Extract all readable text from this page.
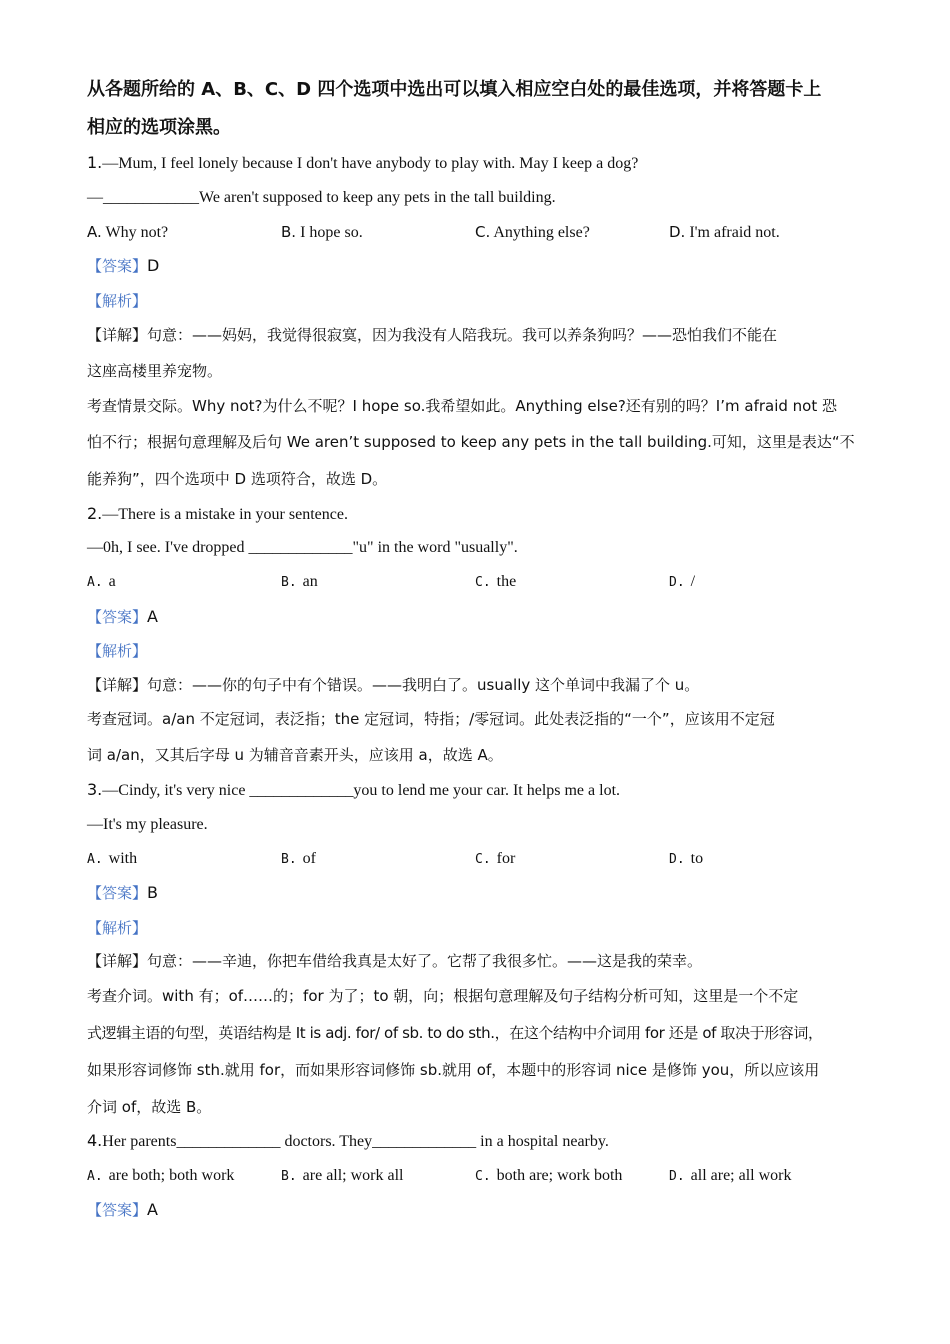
从各题所给的 A、B、C、D 四个选项中选出可以填入相应空白处的最佳选项，并将答题卡上
相应的选项涂黑。
1.—Mum, I feel lonely because I don't have anybody to play with. May I keep a dog?
—____________We aren't supposed to keep any pets in the tall building.
A. Why not?	B. I hope so.	C. Anything else?	D. I'm afraid not.
【答案】D
【解析】
【详解】句意：——妈妈，我觉得很寂寞，因为我没有人陪我玩。我可以养条狗吗？——恐怕我们不能在
这座高楼里养宠物。
考查情景交际。Why not?为什么不呢？I hope so.我希望如此。Anything else?还有别的吗？I’m afraid not 恐
怕不行；根据句意理解及后句 We aren’t supposed to keep any pets in the tall building.可知，这里是表达“不
能养狗”，四个选项中 D 选项符合，故选 D。
2.—There is a mistake in your sentence.
—0h, I see. I've dropped _____________"u" in the word "usually".
A. a	B. an	C. the	D. /
【答案】A
【解析】
【详解】句意：——你的句子中有个错误。——我明白了。usually 这个单词中我漏了个 u。
考查冠词。a/an 不定冠词，表泛指；the 定冠词，特指；/零冠词。此处表泛指的“一个”，应该用不定冠
词 a/an，又其后字母 u 为辅音音素开头，应该用 a，故选 A。
3.—Cindy, it's very nice _____________you to lend me your car. It helps me a lot.
—It's my pleasure.
A. with	B. of	C. for	D. to
【答案】B
【解析】
【详解】句意：——辛迪，你把车借给我真是太好了。它帮了我很多忙。——这是我的荣幸。
考查介词。with 有；of……的；for 为了；to 朝，向；根据句意理解及句子结构分析可知，这里是一个不定
式逻辑主语的句型，英语结构是 It is adj. for/ of sb. to do sth.，在这个结构中介词用 for 还是 of 取决于形容词，
如果形容词修饰 sth.就用 for，而如果形容词修饰 sb.就用 of，本题中的形容词 nice 是修饰 you，所以应该用
介词 of，故选 B。
4.Her parents_____________ doctors. They_____________ in a hospital nearby.
A. are both; both work	B. are all; work all	C. both are; work both	D. all are; all work
【答案】A
